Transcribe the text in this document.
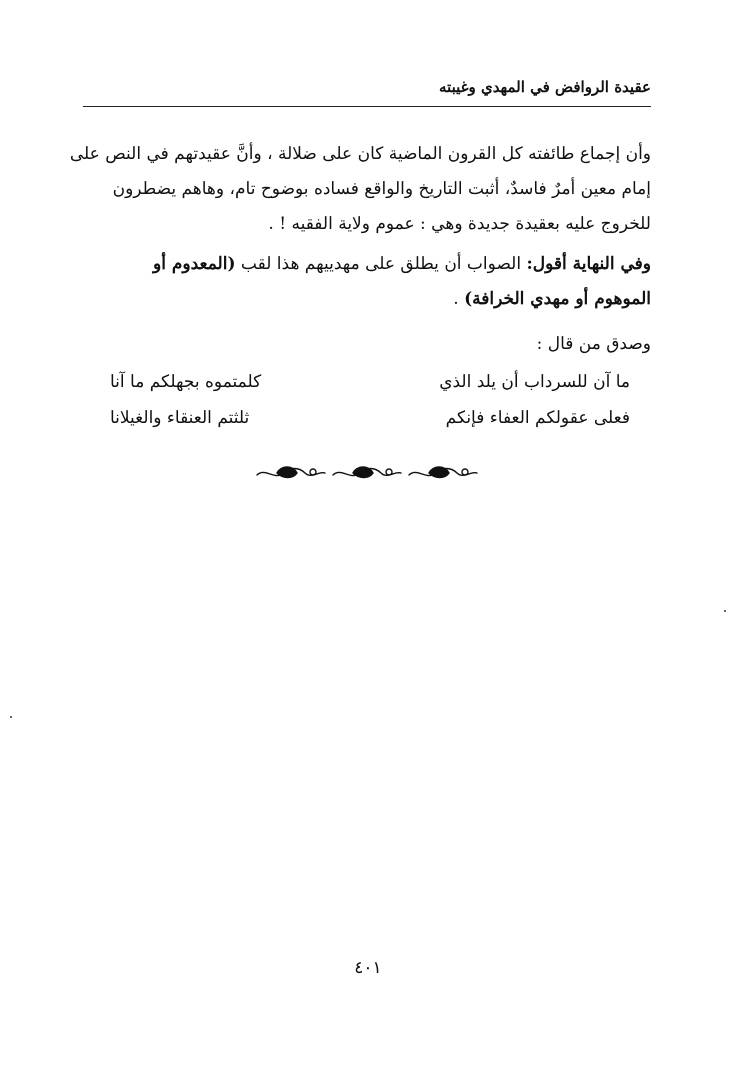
عقيدة الروافض في المهدي وغيبته
وأن إجماع طائفته كل القرون الماضية كان على ضلالة ، وأنَّ عقيدتهم في النص على
إمام معين أمرٌ فاسدٌ، أثبت التاريخ والواقع فساده بوضوح تام، وهاهم يضطرون
للخروج عليه بعقيدة جديدة وهي : عموم ولاية الفقيه ! .
وفي النهاية أقول: الصواب أن يطلق على مهدييهم هذا لقب (المعدوم أو
الموهوم أو مهدي الخرافة) .
وصدق من قال :
ما آن للسرداب أن يلد الذي
كلمتموه بجهلكم ما آنا
فعلى عقولكم العفاء فإنكم
ثلثتم العنقاء والغيلانا
٤٠١
